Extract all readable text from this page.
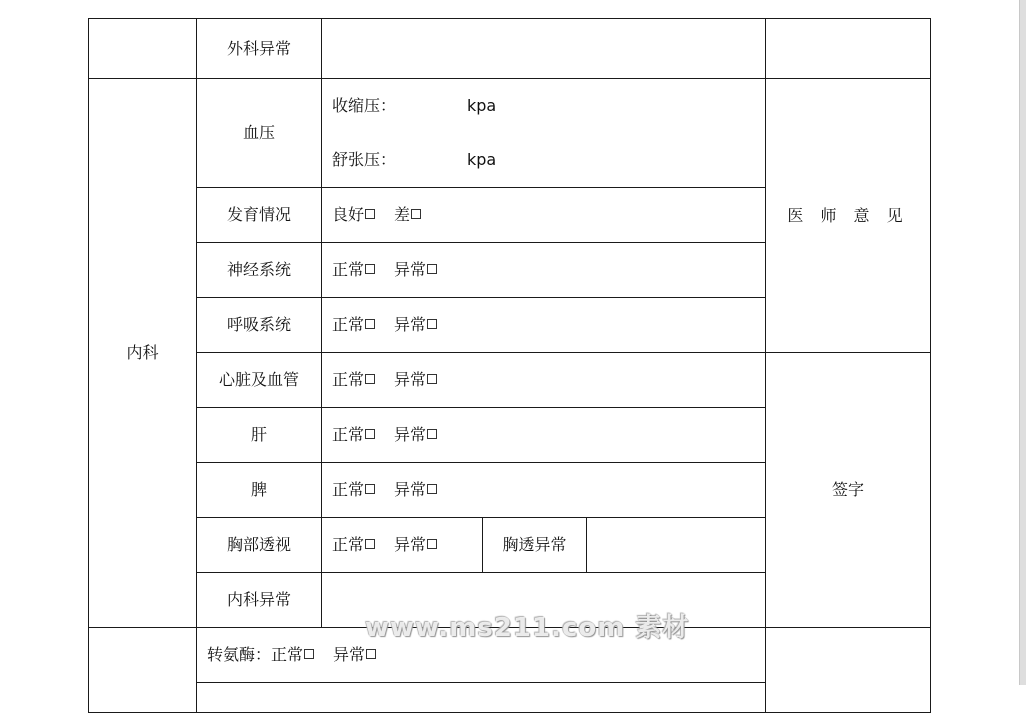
	外科异常				
内科	血压	收缩压： kpa
舒张压： kpa			医 师 意 见
	发育情况	良好 差			
	神经系统	正常 异常			
	呼吸系统	正常 异常			
	心脏及血管	正常 异常			签字
	肝	正常 异常			
	脾	正常 异常			
	胸部透视	正常 异常	胸透异常		
	内科异常				
	转氨酶：正常 异常				

www.ms211.com 素材
